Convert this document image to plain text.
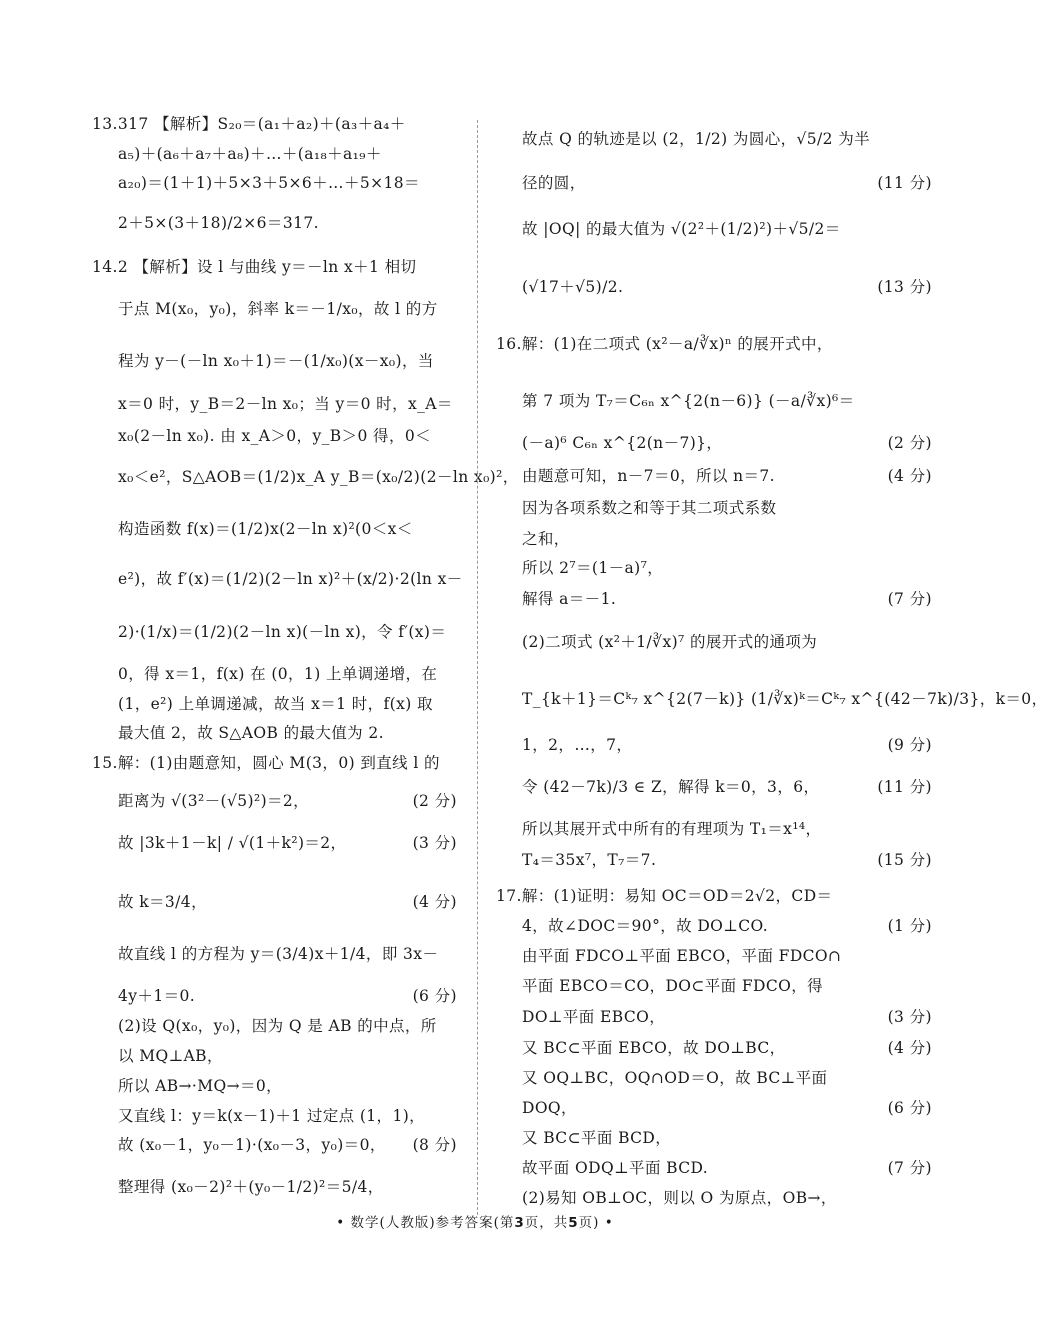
13.317 【解析】S₂₀＝(a₁＋a₂)＋(a₃＋a₄＋
a₅)＋(a₆＋a₇＋a₈)＋…＋(a₁₈＋a₁₉＋
a₂₀)＝(1＋1)＋5×3＋5×6＋…＋5×18＝
2＋5×(3＋18)/2×6＝317.
14.2 【解析】设 l 与曲线 y＝－ln x＋1 相切
于点 M(x₀，y₀)，斜率 k＝－1/x₀，故 l 的方
程为 y－(－ln x₀＋1)＝－(1/x₀)(x－x₀)，当
x＝0 时，y_B＝2－ln x₀；当 y＝0 时，x_A＝
x₀(2－ln x₀). 由 x_A＞0，y_B＞0 得，0＜
x₀＜e²，S△AOB＝(1/2)x_A y_B＝(x₀/2)(2－ln x₀)²，
构造函数 f(x)＝(1/2)x(2－ln x)²(0＜x＜
e²)，故 f′(x)＝(1/2)(2－ln x)²＋(x/2)·2(ln x－
2)·(1/x)＝(1/2)(2－ln x)(－ln x)，令 f′(x)＝
0，得 x＝1，f(x) 在 (0，1) 上单调递增，在
(1，e²) 上单调递减，故当 x＝1 时，f(x) 取
最大值 2，故 S△AOB 的最大值为 2.
15.解：(1)由题意知，圆心 M(3，0) 到直线 l 的
距离为 √(3²－(√5)²)＝2，	(2 分)
故 |3k＋1－k| / √(1＋k²)＝2，	(3 分)
故 k＝3/4，	(4 分)
故直线 l 的方程为 y＝(3/4)x＋1/4，即 3x－
4y＋1＝0.	(6 分)
(2)设 Q(x₀，y₀)，因为 Q 是 AB 的中点，所
以 MQ⊥AB，
所以 AB→·MQ→＝0，
又直线 l：y＝k(x－1)＋1 过定点 (1，1)，
故 (x₀－1，y₀－1)·(x₀－3，y₀)＝0， (8 分)
整理得 (x₀－2)²＋(y₀－1/2)²＝5/4，
故点 Q 的轨迹是以 (2，1/2) 为圆心，√5/2 为半
径的圆，	(11 分)
故 |OQ| 的最大值为 √(2²＋(1/2)²)＋√5/2＝
(√17＋√5)/2.	(13 分)
16.解：(1)在二项式 (x²－a/∛x)ⁿ 的展开式中，
第 7 项为 T₇＝C₆ₙ x^{2(n－6)} (－a/∛x)⁶＝
(－a)⁶ C₆ₙ x^{2(n－7)}，	(2 分)
由题意可知，n－7＝0，所以 n＝7.	(4 分)
因为各项系数之和等于其二项式系数
之和，
所以 2⁷＝(1－a)⁷，
解得 a＝－1.	(7 分)
(2)二项式 (x²＋1/∛x)⁷ 的展开式的通项为
T_{k＋1}＝Cᵏ₇ x^{2(7－k)} (1/∛x)ᵏ＝Cᵏ₇ x^{(42－7k)/3}，k＝0，
1，2，…，7，	(9 分)
令 (42－7k)/3 ∈ Z，解得 k＝0，3，6，	(11 分)
所以其展开式中所有的有理项为 T₁＝x¹⁴，
T₄＝35x⁷，T₇＝7.	(15 分)
17.解：(1)证明：易知 OC＝OD＝2√2，CD＝
4，故∠DOC＝90°，故 DO⊥CO.	(1 分)
由平面 FDCO⊥平面 EBCO，平面 FDCO∩
平面 EBCO＝CO，DO⊂平面 FDCO，得
DO⊥平面 EBCO，	(3 分)
又 BC⊂平面 EBCO，故 DO⊥BC，	(4 分)
又 OQ⊥BC，OQ∩OD＝O，故 BC⊥平面
DOQ，	(6 分)
又 BC⊂平面 BCD，
故平面 ODQ⊥平面 BCD.	(7 分)
(2)易知 OB⊥OC，则以 O 为原点，OB→，
• 数学(人教版)参考答案(第3页，共5页) •
